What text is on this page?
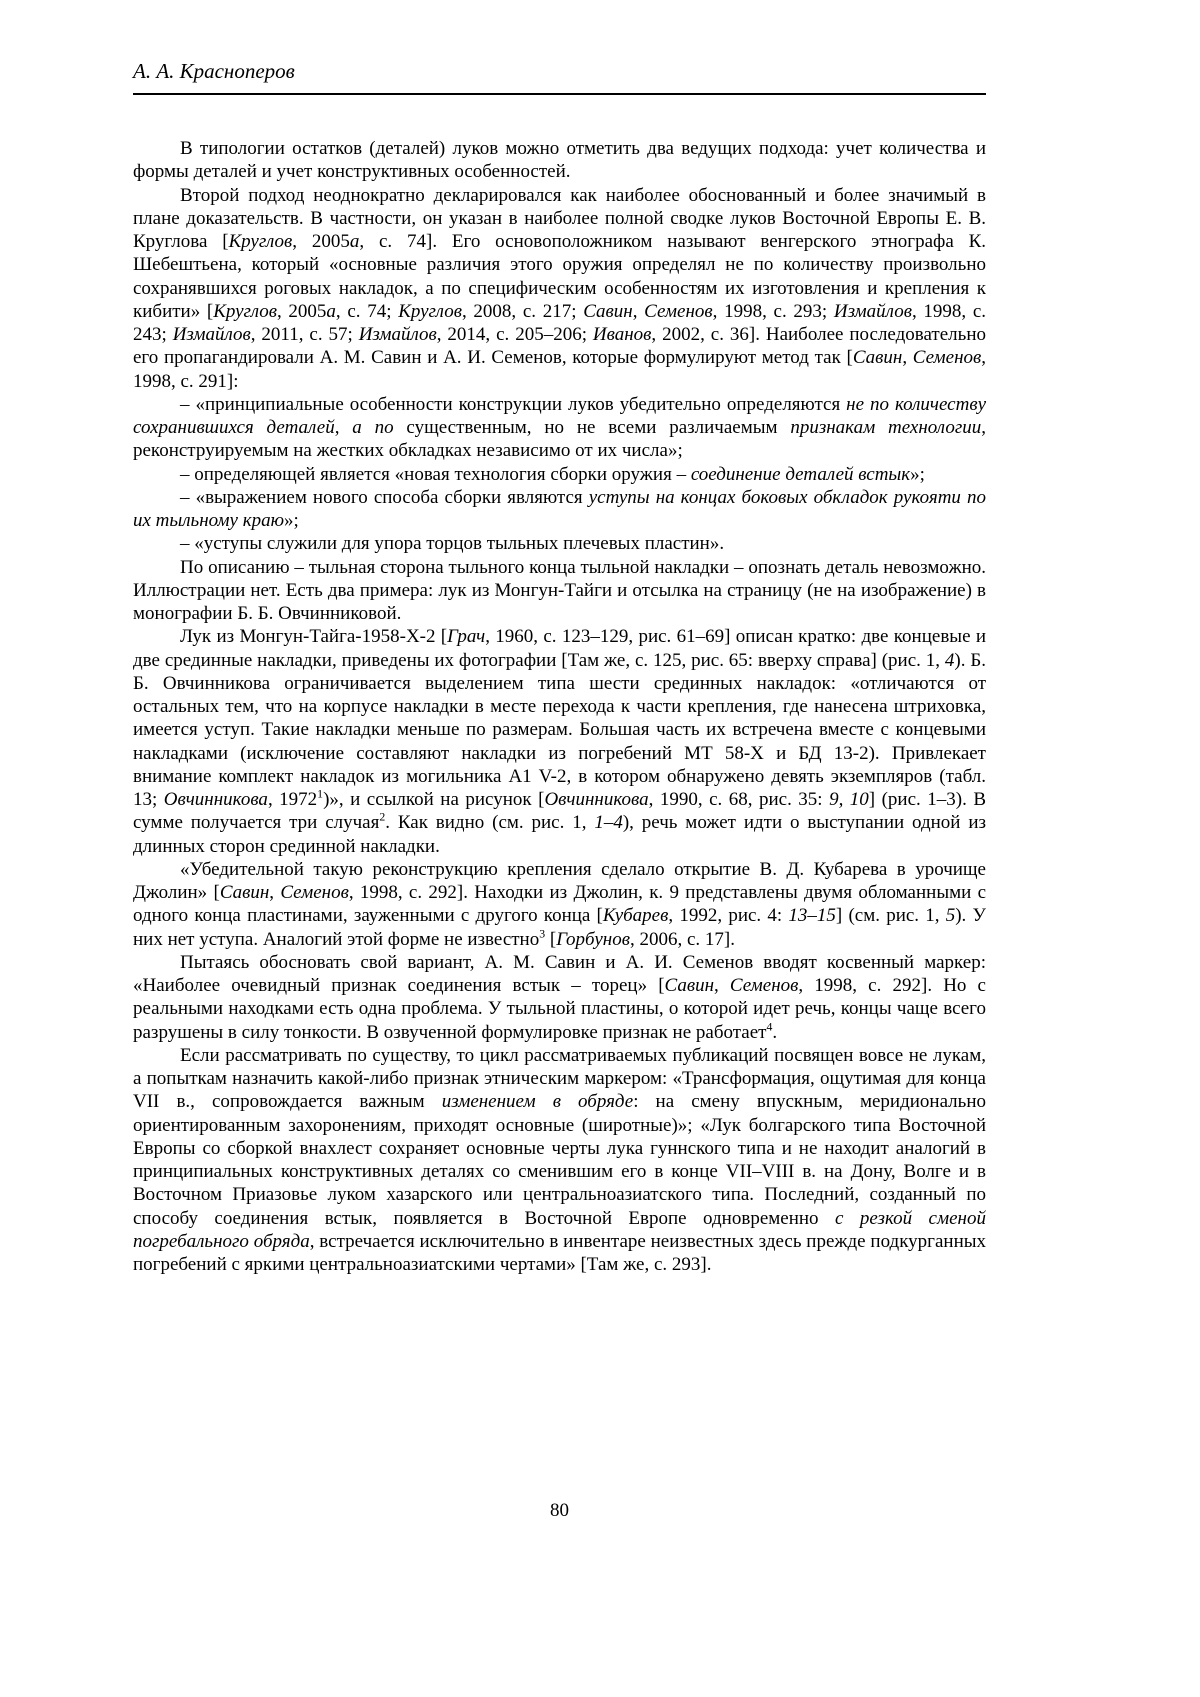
А. А. Красноперов

В типологии остатков (деталей) луков можно отметить два ведущих подхода: учет количества и формы деталей и учет конструктивных особенностей.

Второй подход неоднократно декларировался как наиболее обоснованный и более значимый в плане доказательств. В частности, он указан в наиболее полной сводке луков Восточной Европы Е. В. Круглова [Круглов, 2005а, с. 74]. Его основоположником называют венгерского этнографа К. Шебештьена, который «основные различия этого оружия определял не по количеству произвольно сохранявшихся роговых накладок, а по специфическим особенностям их изготовления и крепления к кибити» [Круглов, 2005а, с. 74; Круглов, 2008, с. 217; Савин, Семенов, 1998, с. 293; Измайлов, 1998, с. 243; Измайлов, 2011, с. 57; Измайлов, 2014, с. 205–206; Иванов, 2002, с. 36]. Наиболее последовательно его пропагандировали А. М. Савин и А. И. Семенов, которые формулируют метод так [Савин, Семенов, 1998, с. 291]:

– «принципиальные особенности конструкции луков убедительно определяются не по количеству сохранившихся деталей, а по существенным, но не всеми различаемым признакам технологии, реконструируемым на жестких обкладках независимо от их числа»;

– определяющей является «новая технология сборки оружия – соединение деталей встык»;

– «выражением нового способа сборки являются уступы на концах боковых обкладок рукояти по их тыльному краю»;

– «уступы служили для упора торцов тыльных плечевых пластин».

По описанию – тыльная сторона тыльного конца тыльной накладки – опознать деталь невозможно. Иллюстрации нет. Есть два примера: лук из Монгун-Тайги и отсылка на страницу (не на изображение) в монографии Б. Б. Овчинниковой.

Лук из Монгун-Тайга-1958-Х-2 [Грач, 1960, с. 123–129, рис. 61–69] описан кратко: две концевые и две срединные накладки, приведены их фотографии [Там же, с. 125, рис. 65: вверху справа] (рис. 1, 4). Б. Б. Овчинникова ограничивается выделением типа шести срединных накладок: «отличаются от остальных тем, что на корпусе накладки в месте перехода к части крепления, где нанесена штриховка, имеется уступ. Такие накладки меньше по размерам. Большая часть их встречена вместе с концевыми накладками (исключение составляют накладки из погребений МТ 58-Х и БД 13-2). Привлекает внимание комплект накладок из могильника А1 V-2, в котором обнаружено девять экземпляров (табл. 13; Овчинникова, 1972$^1$)», и ссылкой на рисунок [Овчинникова, 1990, с. 68, рис. 35: 9, 10] (рис. 1–3). В сумме получается три случая$^2$. Как видно (см. рис. 1, 1–4), речь может идти о выступании одной из длинных сторон срединной накладки.

«Убедительной такую реконструкцию крепления сделало открытие В. Д. Кубарева в урочище Джолин» [Савин, Семенов, 1998, с. 292]. Находки из Джолин, к. 9 представлены двумя обломанными с одного конца пластинами, зауженными с другого конца [Кубарев, 1992, рис. 4: 13–15] (см. рис. 1, 5). У них нет уступа. Аналогий этой форме не известно$^3$ [Горбунов, 2006, с. 17].

Пытаясь обосновать свой вариант, А. М. Савин и А. И. Семенов вводят косвенный маркер: «Наиболее очевидный признак соединения встык – торец» [Савин, Семенов, 1998, с. 292]. Но с реальными находками есть одна проблема. У тыльной пластины, о которой идет речь, концы чаще всего разрушены в силу тонкости. В озвученной формулировке признак не работает$^4$.

Если рассматривать по существу, то цикл рассматриваемых публикаций посвящен вовсе не лукам, а попыткам назначить какой-либо признак этническим маркером: «Трансформация, ощутимая для конца VII в., сопровождается важным изменением в обряде: на смену впускным, меридионально ориентированным захоронениям, приходят основные (широтные)»; «Лук болгарского типа Восточной Европы со сборкой внахлест сохраняет основные черты лука гуннского типа и не находит аналогий в принципиальных конструктивных деталях со сменившим его в конце VII–VIII в. на Дону, Волге и в Восточном Приазовье луком хазарского или центральноазиатского типа. Последний, созданный по способу соединения встык, появляется в Восточной Европе одновременно с резкой сменой погребального обряда, встречается исключительно в инвентаре неизвестных здесь прежде подкурганных погребений с яркими центральноазиатскими чертами» [Там же, с. 293].

80
